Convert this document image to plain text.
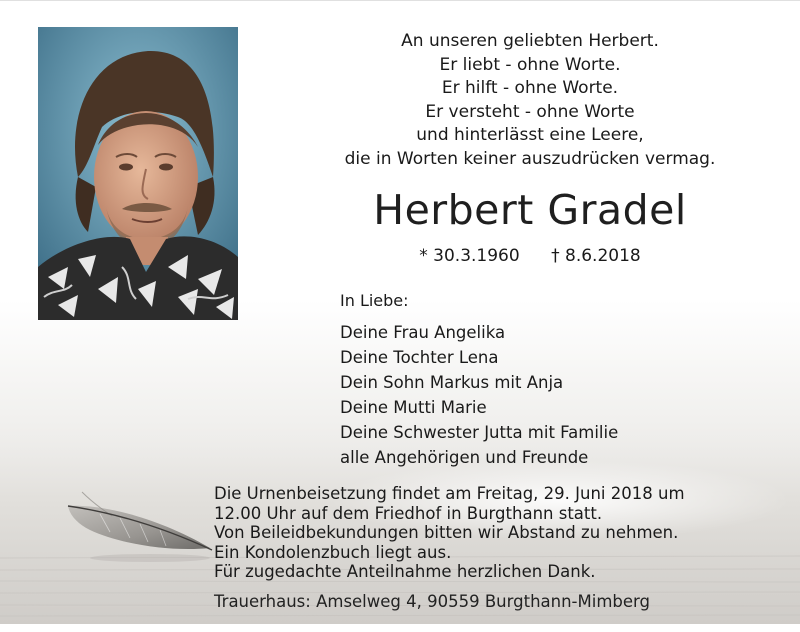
An unseren geliebten Herbert.
Er liebt - ohne Worte.
Er hilft - ohne Worte.
Er versteht - ohne Worte
und hinterlässt eine Leere,
die in Worten keiner auszudrücken vermag.
Herbert Gradel
* 30.3.1960 † 8.6.2018
In Liebe:
Deine Frau Angelika
Deine Tochter Lena
Dein Sohn Markus mit Anja
Deine Mutti Marie
Deine Schwester Jutta mit Familie
alle Angehörigen und Freunde
Die Urnenbeisetzung findet am Freitag, 29. Juni 2018 um
12.00 Uhr auf dem Friedhof in Burgthann statt.
Von Beileidbekundungen bitten wir Abstand zu nehmen.
Ein Kondolenzbuch liegt aus.
Für zugedachte Anteilnahme herzlichen Dank.
Trauerhaus: Amselweg 4, 90559 Burgthann-Mimberg
